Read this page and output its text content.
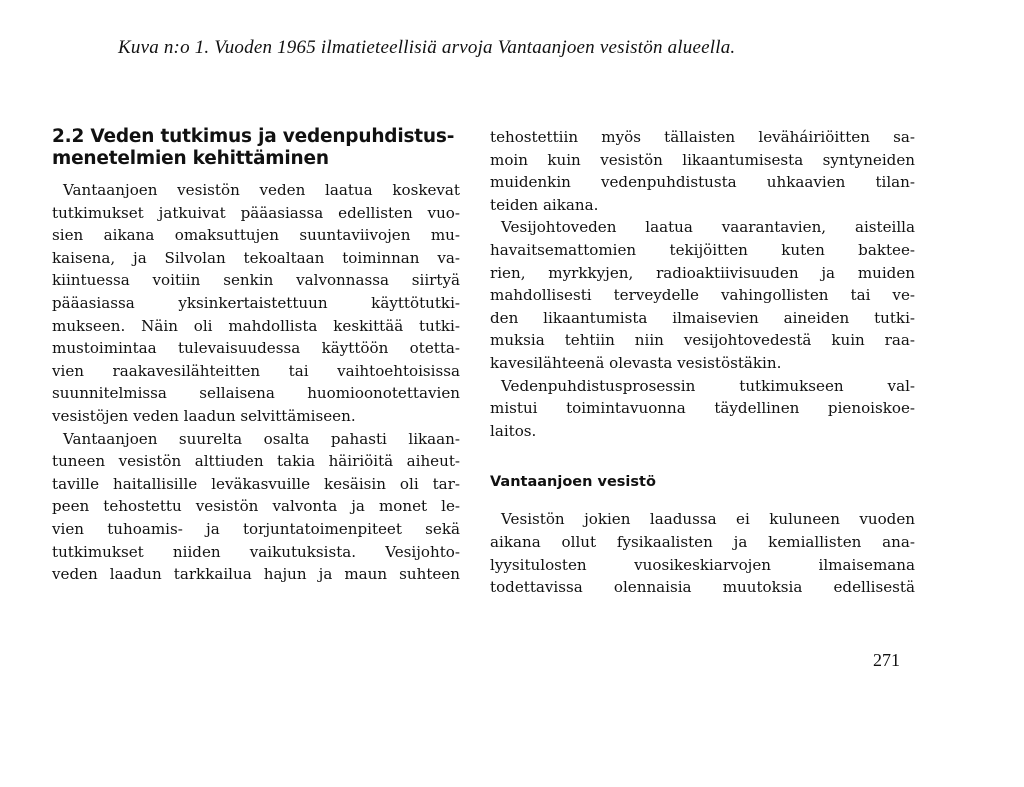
Kuva n:o 1. Vuoden 1965 ilmatieteellisiä arvoja Vantaanjoen vesistön alueella.
2.2 Veden tutkimus ja vedenpuhdistus-
menetelmien kehittäminen

Vantaanjoen vesistön veden laatua koskevat
tutkimukset jatkuivat pääasiassa edellisten vuo-
sien aikana omaksuttujen suuntaviivojen mu-
kaisena, ja Silvolan tekoaltaan toiminnan va-
kiintuessa voitiin senkin valvonnassa siirtyä
pääasiassa yksinkertaistettuun käyttötutki-
mukseen. Näin oli mahdollista keskittää tutki-
mustoimintaa tulevaisuudessa käyttöön otetta-
vien raakavesilähteitten tai vaihtoehtoisissa
suunnitelmissa sellaisena huomioonotettavien
vesistöjen veden laadun selvittämiseen.

Vantaanjoen suurelta osalta pahasti likaan-
tuneen vesistön alttiuden takia häiriöitä aiheut-
taville haitallisille leväkasvuille kesäisin oli tar-
peen tehostettu vesistön valvonta ja monet le-
vien tuhoamis- ja torjuntatoimenpiteet sekä
tutkimukset niiden vaikutuksista. Vesijohto-
veden laadun tarkkailua hajun ja maun suhteen

tehostettiin myös tällaisten leväháiriöitten sa-
moin kuin vesistön likaantumisesta syntyneiden
muidenkin vedenpuhdistusta uhkaavien tilan-
teiden aikana.

Vesijohtoveden laatua vaarantavien, aisteilla
havaitsemattomien tekijöitten kuten baktee-
rien, myrkkyjen, radioaktiivisuuden ja muiden
mahdollisesti terveydelle vahingollisten tai ve-
den likaantumista ilmaisevien aineiden tutki-
muksia tehtiin niin vesijohtovedestä kuin raa-
kavesilähteenä olevasta vesistöstäkin.

Vedenpuhdistusprosessin tutkimukseen val-
mistui toimintavuonna täydellinen pienoiskoe-
laitos.

Vantaanjoen vesistö

Vesistön jokien laadussa ei kuluneen vuoden
aikana ollut fysikaalisten ja kemiallisten ana-
lyysitulosten vuosikeskiarvojen ilmaisemana
todettavissa olennaisia muutoksia edellisestä

271
